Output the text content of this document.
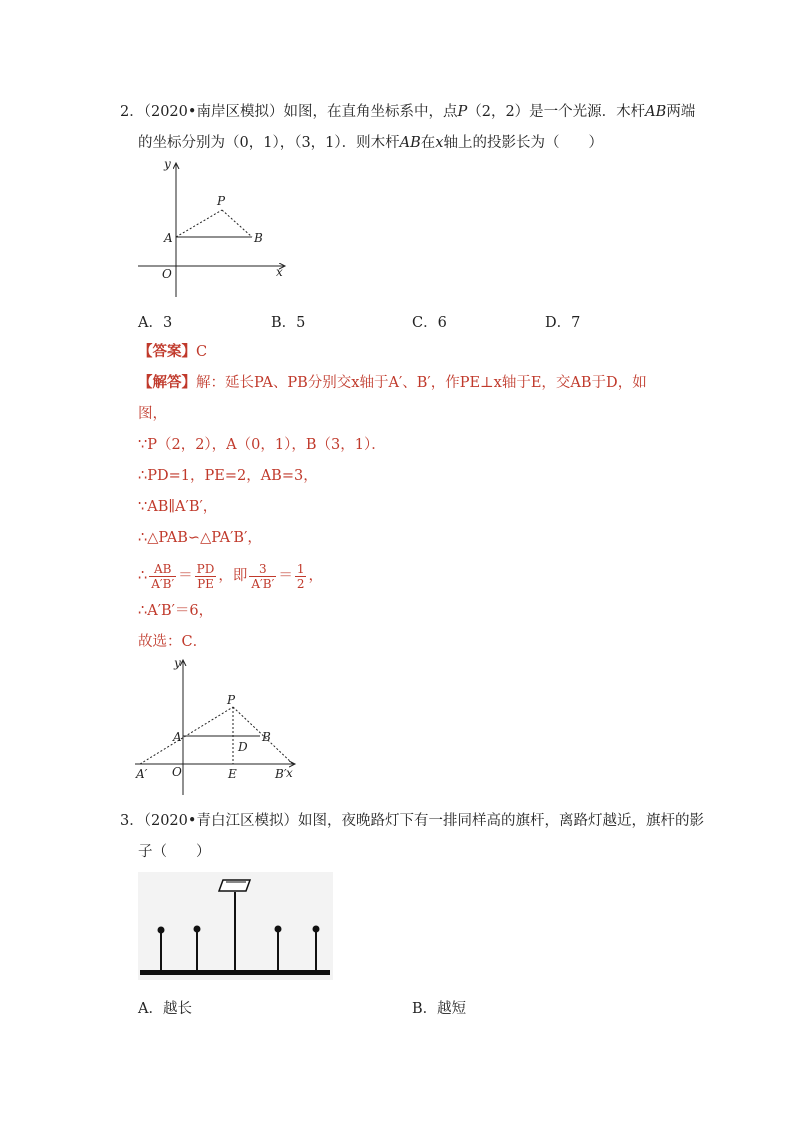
2．（2020•南岸区模拟）如图，在直角坐标系中，点P（2，2）是一个光源．木杆AB两端
的坐标分别为（0，1），（3，1）．则木杆AB在x轴上的投影长为（　　）
y
x
O
A	B
P
A．3	B．5	C．6	D．7
【答案】C
【解答】解：延长PA、PB分别交x轴于A′、B′，作PE⊥x轴于E，交AB于D，如
图，
∵P（2，2），A（0，1），B（3，1）．
∴PD=1，PE=2，AB=3，
∵AB∥A′B′，
∴△PAB∽△PA′B′，
∴ $\frac{AB}{A'B'} = \frac{PD}{PE}$ ，即 $\frac{3}{A'B'} = \frac{1}{2}$ ，
∴A′B′＝6，
故选：C．
y
x
O
A	B
P
D
E
A′	B′
3．（2020•青白江区模拟）如图，夜晚路灯下有一排同样高的旗杆，离路灯越近，旗杆的影
子（　　）
A．越长	B．越短
